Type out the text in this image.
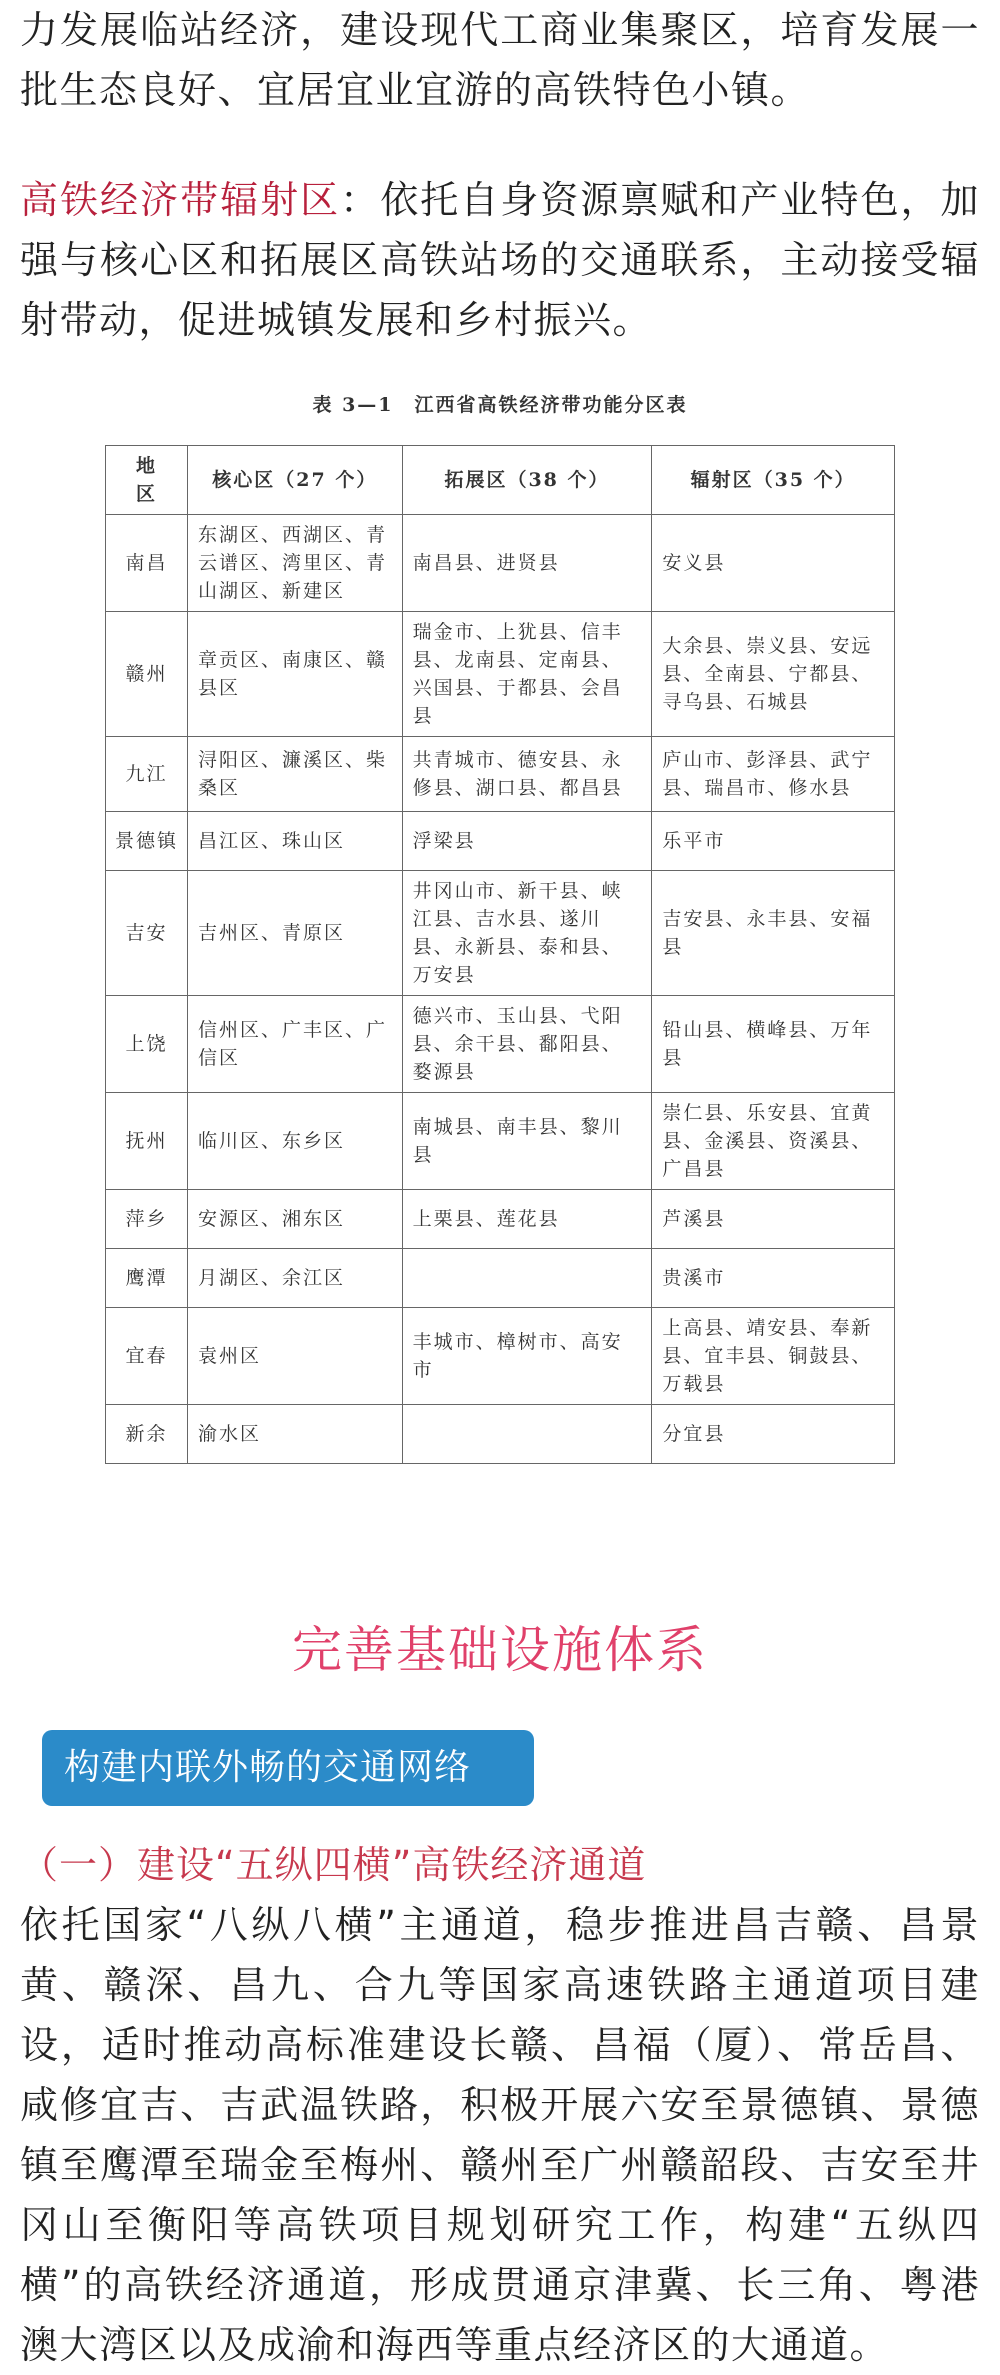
力发展临站经济，建设现代工商业集聚区，培育发展一批生态良好、宜居宜业宜游的高铁特色小镇。

高铁经济带辐射区：依托自身资源禀赋和产业特色，加强与核心区和拓展区高铁站场的交通联系，主动接受辐射带动，促进城镇发展和乡村振兴。

表 3—1　江西省高铁经济带功能分区表
地　区	核心区（27 个）	拓展区（38 个）	辐射区（35 个）
南昌	东湖区、西湖区、青云谱区、湾里区、青山湖区、新建区	南昌县、进贤县	安义县
赣州	章贡区、南康区、赣县区	瑞金市、上犹县、信丰县、龙南县、定南县、兴国县、于都县、会昌县	大余县、崇义县、安远县、全南县、宁都县、寻乌县、石城县
九江	浔阳区、濂溪区、柴桑区	共青城市、德安县、永修县、湖口县、都昌县	庐山市、彭泽县、武宁县、瑞昌市、修水县
景德镇	昌江区、珠山区	浮梁县	乐平市
吉安	吉州区、青原区	井冈山市、新干县、峡江县、吉水县、遂川县、永新县、泰和县、万安县	吉安县、永丰县、安福县
上饶	信州区、广丰区、广信区	德兴市、玉山县、弋阳县、余干县、鄱阳县、婺源县	铅山县、横峰县、万年县
抚州	临川区、东乡区	南城县、南丰县、黎川县	崇仁县、乐安县、宜黄县、金溪县、资溪县、广昌县
萍乡	安源区、湘东区	上栗县、莲花县	芦溪县
鹰潭	月湖区、余江区		贵溪市
宜春	袁州区	丰城市、樟树市、高安市	上高县、靖安县、奉新县、宜丰县、铜鼓县、万载县
新余	渝水区		分宜县
完善基础设施体系
构建内联外畅的交通网络
（一）建设“五纵四横”高铁经济通道

依托国家“八纵八横”主通道，稳步推进昌吉赣、昌景黄、赣深、昌九、合九等国家高速铁路主通道项目建设，适时推动高标准建设长赣、昌福（厦）、常岳昌、咸修宜吉、吉武温铁路，积极开展六安至景德镇、景德镇至鹰潭至瑞金至梅州、赣州至广州赣韶段、吉安至井冈山至衡阳等高铁项目规划研究工作，构建“五纵四横”的高铁经济通道，形成贯通京津冀、长三角、粤港澳大湾区以及成渝和海西等重点经济区的大通道。
